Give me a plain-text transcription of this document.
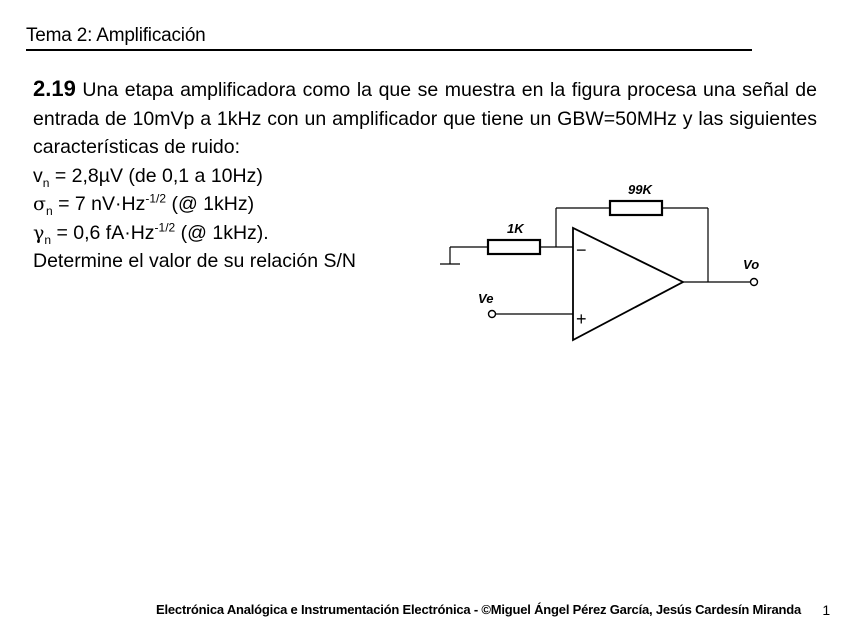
Tema 2: Amplificación
2.19 Una etapa amplificadora como la que se muestra en la figura procesa una señal de entrada de 10mVp a 1kHz con un amplificador que tiene un GBW=50MHz y las siguientes características de ruido:
$v_n = 2,8\mu V$ (de 0,1 a 10Hz)
$\sigma_n = 7$ $nV\cdot Hz^{-1/2}$ (@ 1kHz)
$\gamma_n = 0,6$ $fA\cdot Hz^{-1/2}$ (@ 1kHz).
Determine el valor de su relación S/N
99K
1K
Ve
Vo
−
+
Electrónica Analógica e Instrumentación Electrónica - ©Miguel Ángel Pérez García, Jesús Cardesín Miranda 1
